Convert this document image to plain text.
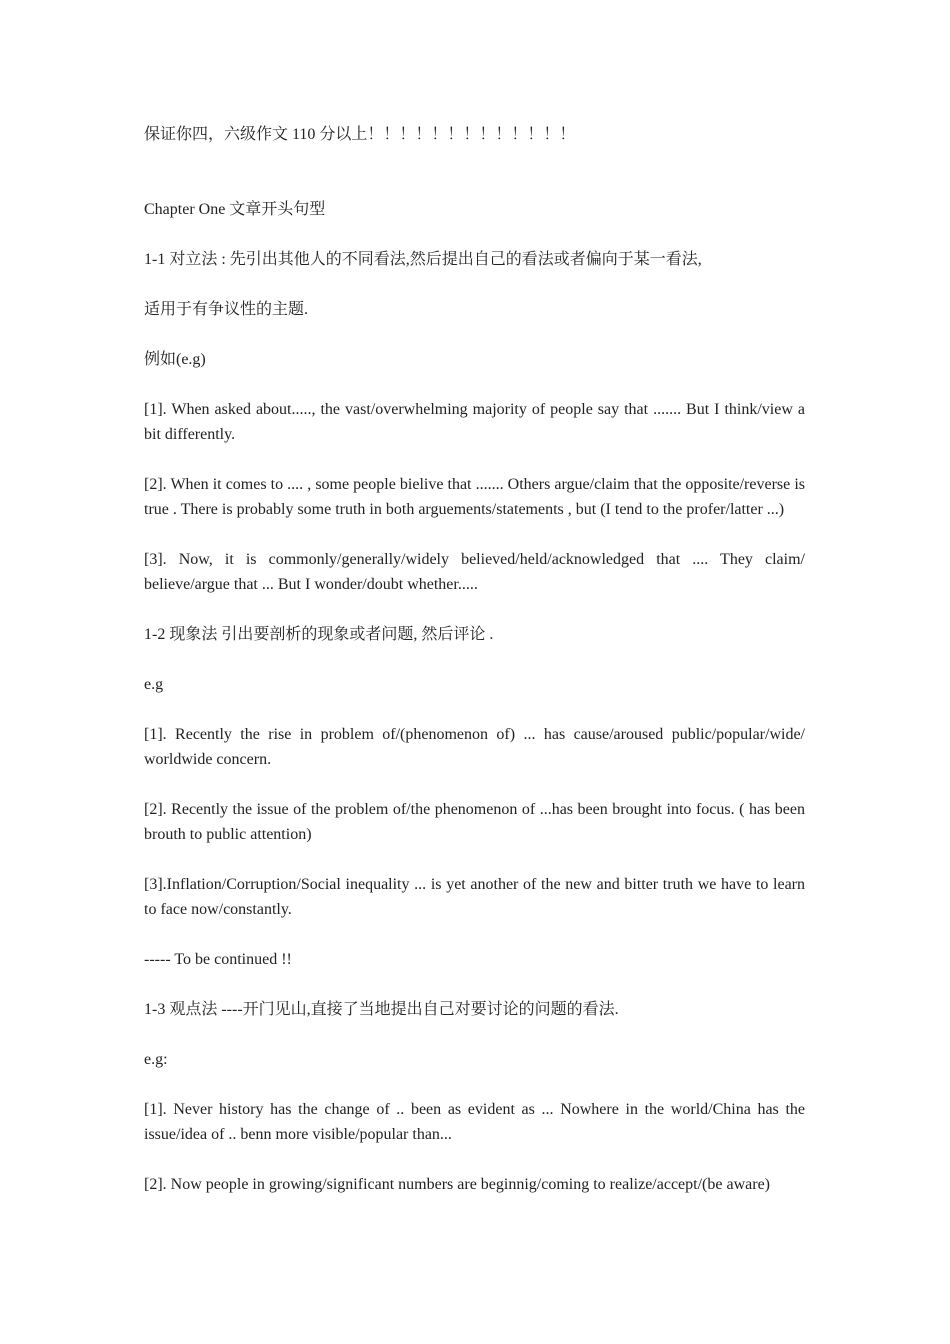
保证你四，六级作文 110 分以上！！！！！！！！！！！！！

Chapter One 文章开头句型

1-1 对立法 : 先引出其他人的不同看法,然后提出自己的看法或者偏向于某一看法,

适用于有争议性的主题.

例如(e.g)

[1]. When asked about....., the vast/overwhelming majority of people say that ....... But I think/view a bit differently.

[2]. When it comes to .... , some people bielive that ....... Others argue/claim that the opposite/reverse is true . There is probably some truth in both arguements/statements , but (I tend to the profer/latter ...)

[3]. Now, it is commonly/generally/widely believed/held/acknowledged that .... They claim/ believe/argue that ... But I wonder/doubt whether.....

1-2 现象法 引出要剖析的现象或者问题, 然后评论 .

e.g

[1]. Recently the rise in problem of/(phenomenon of) ... has cause/aroused public/popular/wide/ worldwide concern.

[2]. Recently the issue of the problem of/the phenomenon of ...has been brought into focus. ( has been brouth to public attention)

[3].Inflation/Corruption/Social inequality ... is yet another of the new and bitter truth we have to learn to face now/constantly.

----- To be continued !!

1-3 观点法 ----开门见山,直接了当地提出自己对要讨论的问题的看法.

e.g:

[1]. Never history has the change of .. been as evident as ... Nowhere in the world/China has the issue/idea of .. benn more visible/popular than...

[2]. Now people in growing/significant numbers are beginnig/coming to realize/accept/(be aware)
